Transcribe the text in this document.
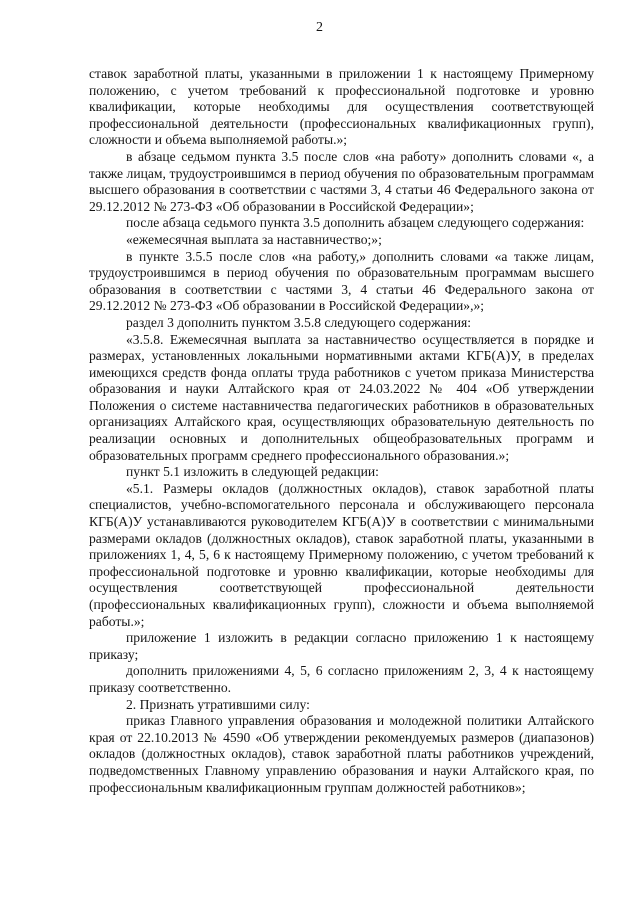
2

ставок заработной платы, указанными в приложении 1 к настоящему Примерному положению, с учетом требований к профессиональной подготовке и уровню квалификации, которые необходимы для осуществления соответствующей профессиональной деятельности (профессиональных квалификационных групп), сложности и объема выполняемой работы.»;

в абзаце седьмом пункта 3.5 после слов «на работу» дополнить словами «, а также лицам, трудоустроившимся в период обучения по образовательным программам высшего образования в соответствии с частями 3, 4 статьи 46 Федерального закона от 29.12.2012 № 273-ФЗ «Об образовании в Российской Федерации»;

после абзаца седьмого пункта 3.5 дополнить абзацем следующего содержания:

«ежемесячная выплата за наставничество;»;

в пункте 3.5.5 после слов «на работу,» дополнить словами «а также лицам, трудоустроившимся в период обучения по образовательным программам высшего образования в соответствии с частями 3, 4 статьи 46 Федерального закона от 29.12.2012 № 273-ФЗ «Об образовании в Российской Федерации»,»;

раздел 3 дополнить пунктом 3.5.8 следующего содержания:

«3.5.8. Ежемесячная выплата за наставничество осуществляется в порядке и размерах, установленных локальными нормативными актами КГБ(А)У, в пределах имеющихся средств фонда оплаты труда работников с учетом приказа Министерства образования и науки Алтайского края от 24.03.2022 № 404 «Об утверждении Положения о системе наставничества педагогических работников в образовательных организациях Алтайского края, осуществляющих образовательную деятельность по реализации основных и дополнительных общеобразовательных программ и образовательных программ среднего профессионального образования.»;

пункт 5.1 изложить в следующей редакции:

«5.1. Размеры окладов (должностных окладов), ставок заработной платы специалистов, учебно-вспомогательного персонала и обслуживающего персонала КГБ(А)У устанавливаются руководителем КГБ(А)У в соответствии с минимальными размерами окладов (должностных окладов), ставок заработной платы, указанными в приложениях 1, 4, 5, 6 к настоящему Примерному положению, с учетом требований к профессиональной подготовке и уровню квалификации, которые необходимы для осуществления соответствующей профессиональной деятельности (профессиональных квалификационных групп), сложности и объема выполняемой работы.»;

приложение 1 изложить в редакции согласно приложению 1 к настоящему приказу;

дополнить приложениями 4, 5, 6 согласно приложениям 2, 3, 4 к настоящему приказу соответственно.

2. Признать утратившими силу:

приказ Главного управления образования и молодежной политики Алтайского края от 22.10.2013 № 4590 «Об утверждении рекомендуемых размеров (диапазонов) окладов (должностных окладов), ставок заработной платы работников учреждений, подведомственных Главному управлению образования и науки Алтайского края, по профессиональным квалификационным группам должностей работников»;
